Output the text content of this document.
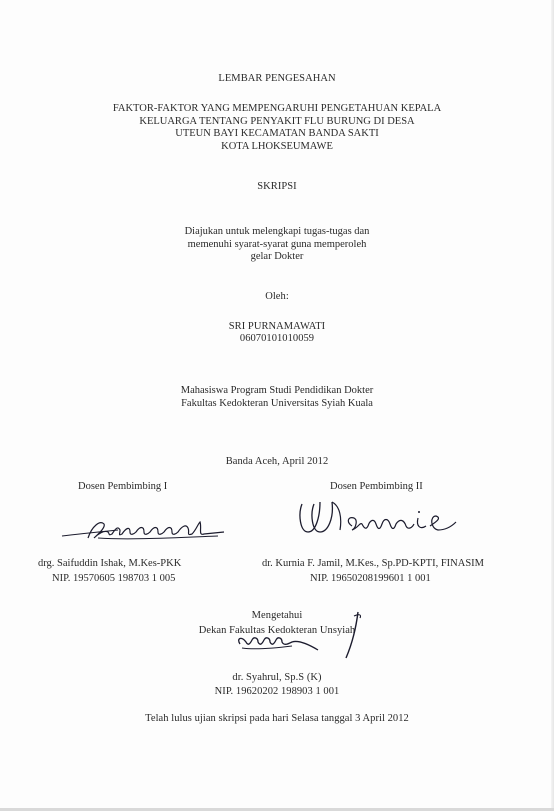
LEMBAR PENGESAHAN
FAKTOR-FAKTOR YANG MEMPENGARUHI PENGETAHUAN KEPALA
KELUARGA TENTANG PENYAKIT FLU BURUNG DI DESA
UTEUN BAYI KECAMATAN BANDA SAKTI
KOTA LHOKSEUMAWE
SKRIPSI
Diajukan untuk melengkapi tugas-tugas dan
memenuhi syarat-syarat guna memperoleh
gelar Dokter
Oleh:
SRI PURNAMAWATI
06070101010059
Mahasiswa Program Studi Pendidikan Dokter
Fakultas Kedokteran Universitas Syiah Kuala
Banda Aceh, April 2012
Dosen Pembimbing I	Dosen Pembimbing II
drg. Saifuddin Ishak, M.Kes-PKK	dr. Kurnia F. Jamil, M.Kes., Sp.PD-KPTI, FINASIM
NIP. 19570605 198703 1 005	NIP. 19650208199601 1 001
Mengetahui
Dekan Fakultas Kedokteran Unsyiah
dr. Syahrul, Sp.S (K)
NIP. 19620202 198903 1 001
Telah lulus ujian skripsi pada hari Selasa tanggal 3 April 2012
